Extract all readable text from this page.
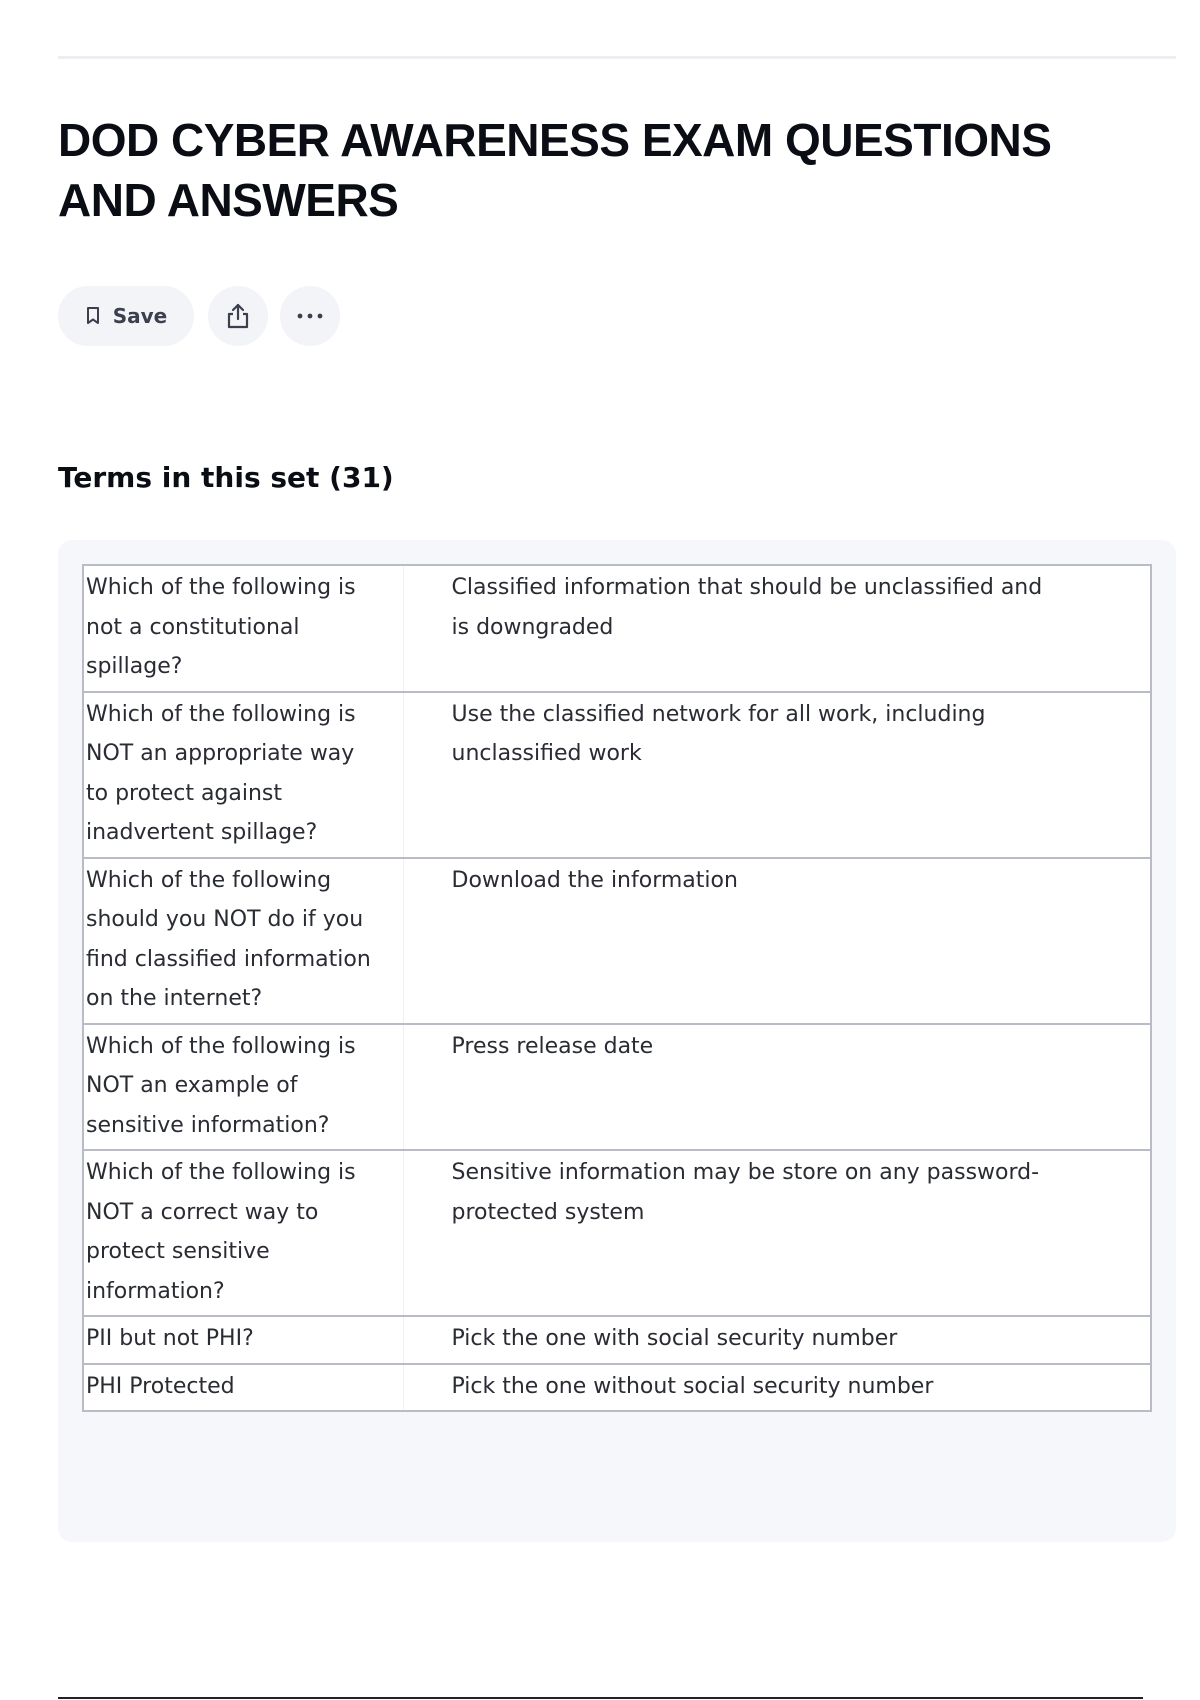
DOD CYBER AWARENESS EXAM QUESTIONS AND ANSWERS
Save
Terms in this set (31)
Which of the following is not a constitutional spillage?	Classified information that should be unclassified and is downgraded
Which of the following is NOT an appropriate way to protect against inadvertent spillage?	Use the classified network for all work, including unclassified work
Which of the following should you NOT do if you find classified information on the internet?	Download the information
Which of the following is NOT an example of sensitive information?	Press release date
Which of the following is NOT a correct way to protect sensitive information?	Sensitive information may be store on any password-protected system
PII but not PHI?	Pick the one with social security number
PHI Protected	Pick the one without social security number
